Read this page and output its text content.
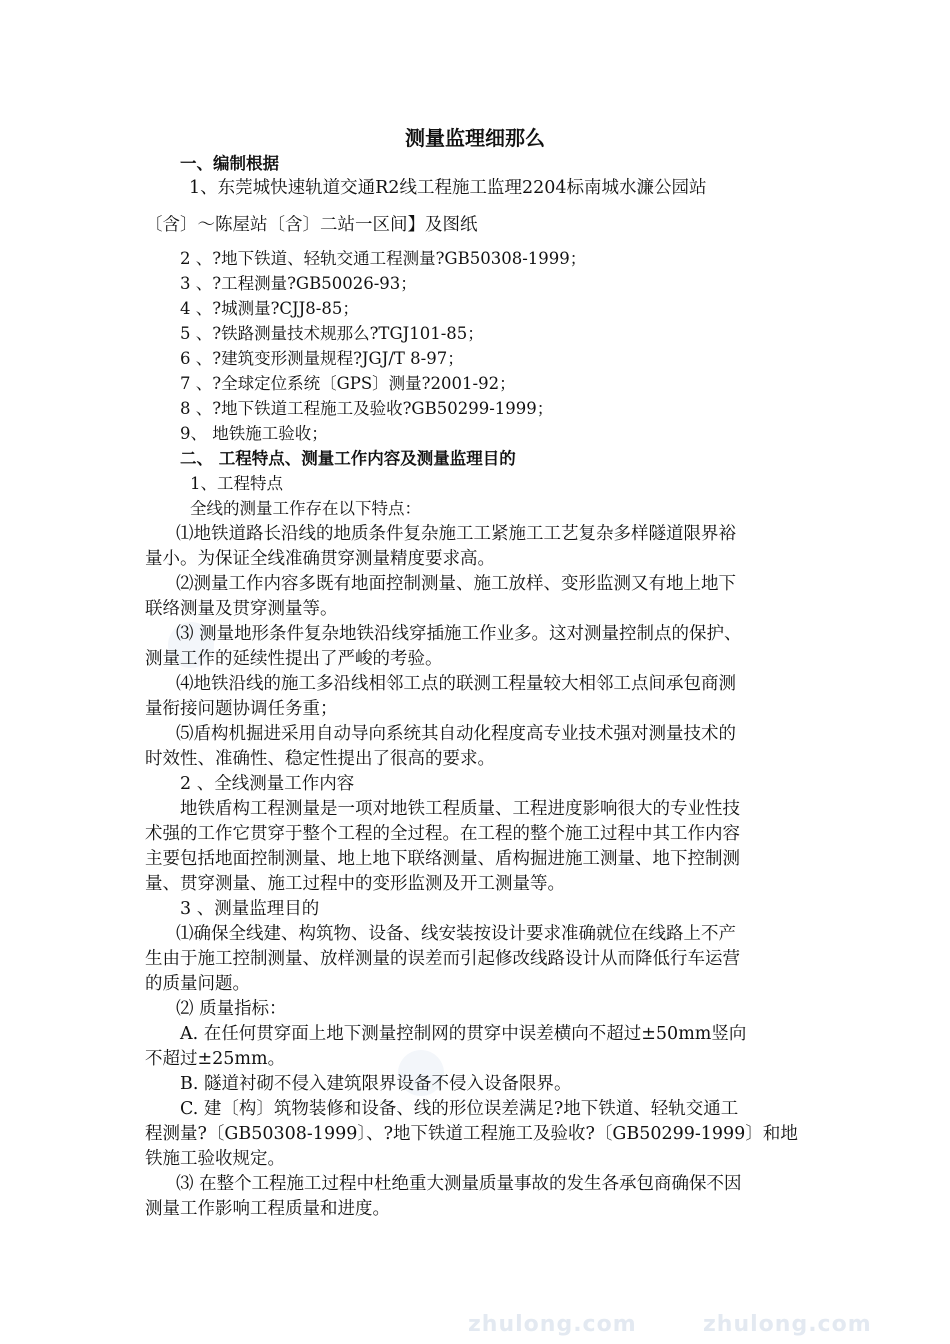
测量监理细那么
一、编制根据
1、东莞城快速轨道交通R2线工程施工监理2204标南城水濂公园站
〔含〕～陈屋站〔含〕二站一区间】及图纸
2 、?地下铁道、轻轨交通工程测量?GB50308-1999；
3 、?工程测量?GB50026-93；
4 、?城测量?CJJ8-85；
5 、?铁路测量技术规那么?TGJ101-85；
6 、?建筑变形测量规程?JGJ/T 8-97；
7 、?全球定位系统〔GPS〕测量?2001-92；
8 、?地下铁道工程施工及验收?GB50299-1999；
9、 地铁施工验收；
二、 工程特点、测量工作内容及测量监理目的
1、工程特点
全线的测量工作存在以下特点：
⑴地铁道路长沿线的地质条件复杂施工工紧施工工艺复杂多样隧道限界裕
量小。为保证全线准确贯穿测量精度要求高。
⑵测量工作内容多既有地面控制测量、施工放样、变形监测又有地上地下
联络测量及贯穿测量等。
⑶ 测量地形条件复杂地铁沿线穿插施工作业多。这对测量控制点的保护、
测量工作的延续性提出了严峻的考验。
⑷地铁沿线的施工多沿线相邻工点的联测工程量较大相邻工点间承包商测
量衔接问题协调任务重；
⑸盾构机掘进采用自动导向系统其自动化程度高专业技术强对测量技术的
时效性、准确性、稳定性提出了很高的要求。
2 、全线测量工作内容
地铁盾构工程测量是一项对地铁工程质量、工程进度影响很大的专业性技
术强的工作它贯穿于整个工程的全过程。在工程的整个施工过程中其工作内容
主要包括地面控制测量、地上地下联络测量、盾构掘进施工测量、地下控制测
量、贯穿测量、施工过程中的变形监测及开工测量等。
3 、测量监理目的
⑴确保全线建、构筑物、设备、线安装按设计要求准确就位在线路上不产
生由于施工控制测量、放样测量的误差而引起修改线路设计从而降低行车运营
的质量问题。
⑵ 质量指标：
A. 在任何贯穿面上地下测量控制网的贯穿中误差横向不超过±50mm竖向
不超过±25mm。
B. 隧道衬砌不侵入建筑限界设备不侵入设备限界。
C. 建〔构〕筑物装修和设备、线的形位误差满足?地下铁道、轻轨交通工
程测量?〔GB50308-1999〕、?地下铁道工程施工及验收?〔GB50299-1999〕和地
铁施工验收规定。
⑶ 在整个工程施工过程中杜绝重大测量质量事故的发生各承包商确保不因
测量工作影响工程质量和进度。
zhulong.com	zhulong.com
